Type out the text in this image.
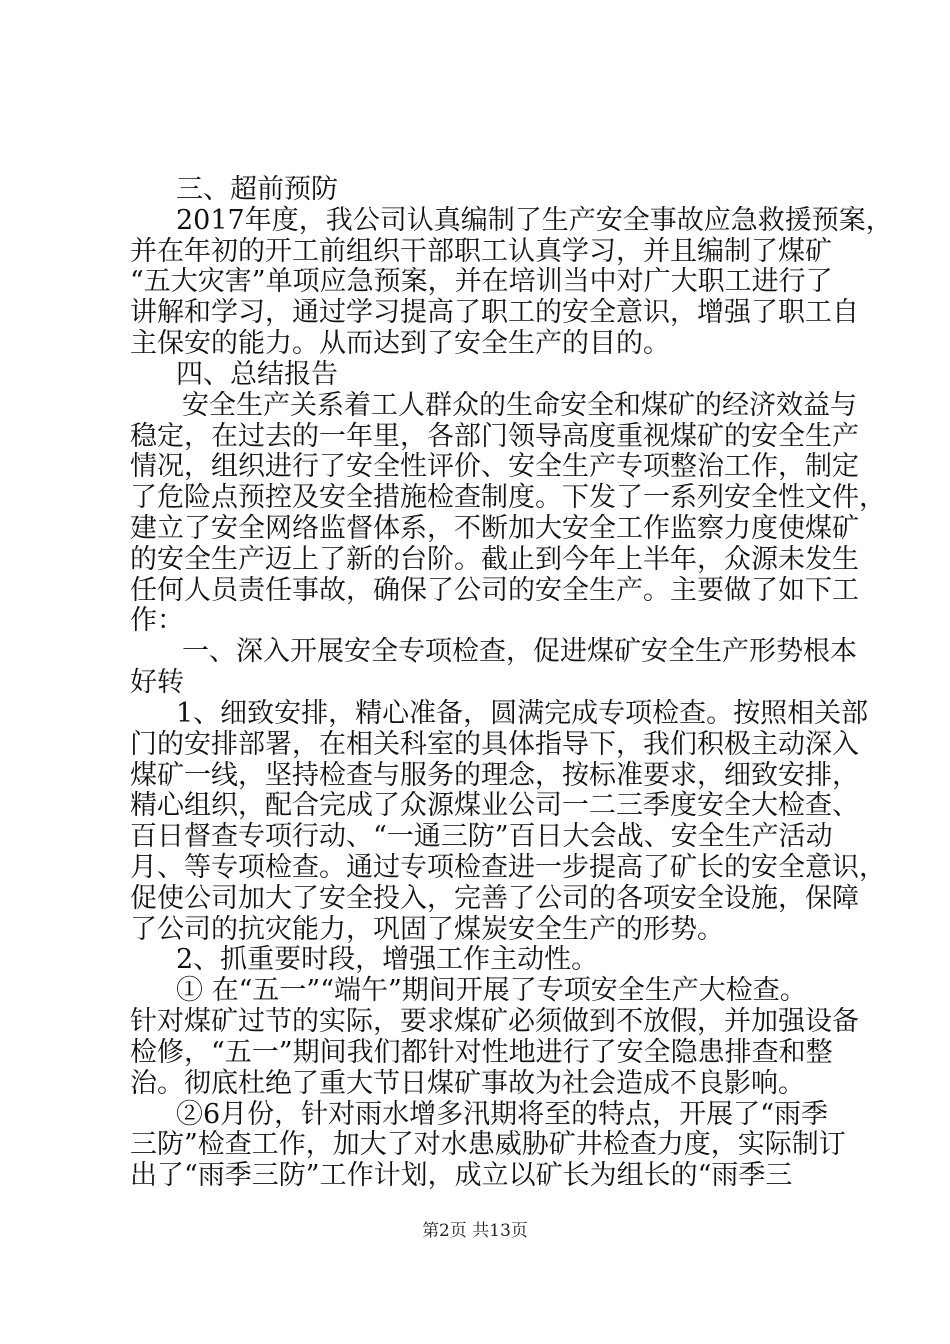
三、超前预防
2017年度，我公司认真编制了生产安全事故应急救援预案，
并在年初的开工前组织干部职工认真学习，并且编制了煤矿
“五大灾害”单项应急预案，并在培训当中对广大职工进行了
讲解和学习，通过学习提高了职工的安全意识，增强了职工自
主保安的能力。从而达到了安全生产的目的。
四、总结报告
安全生产关系着工人群众的生命安全和煤矿的经济效益与
稳定，在过去的一年里，各部门领导高度重视煤矿的安全生产
情况，组织进行了安全性评价、安全生产专项整治工作，制定
了危险点预控及安全措施检查制度。下发了一系列安全性文件，
建立了安全网络监督体系，不断加大安全工作监察力度使煤矿
的安全生产迈上了新的台阶。截止到今年上半年，众源未发生
任何人员责任事故，确保了公司的安全生产。主要做了如下工
作：
一、深入开展安全专项检查，促进煤矿安全生产形势根本
好转
1、细致安排，精心准备，圆满完成专项检查。按照相关部
门的安排部署，在相关科室的具体指导下，我们积极主动深入
煤矿一线，坚持检查与服务的理念，按标准要求，细致安排，
精心组织，配合完成了众源煤业公司一二三季度安全大检查、
百日督查专项行动、“一通三防”百日大会战、安全生产活动
月、等专项检查。通过专项检查进一步提高了矿长的安全意识，
促使公司加大了安全投入，完善了公司的各项安全设施，保障
了公司的抗灾能力，巩固了煤炭安全生产的形势。
2、抓重要时段，增强工作主动性。
① 在“五一”“端午”期间开展了专项安全生产大检查。
针对煤矿过节的实际，要求煤矿必须做到不放假，并加强设备
检修，“五一”期间我们都针对性地进行了安全隐患排查和整
治。彻底杜绝了重大节日煤矿事故为社会造成不良影响。
②6月份，针对雨水增多汛期将至的特点，开展了“雨季
三防”检查工作，加大了对水患威胁矿井检查力度，实际制订
出了“雨季三防”工作计划，成立以矿长为组长的“雨季三
第2页 共13页
